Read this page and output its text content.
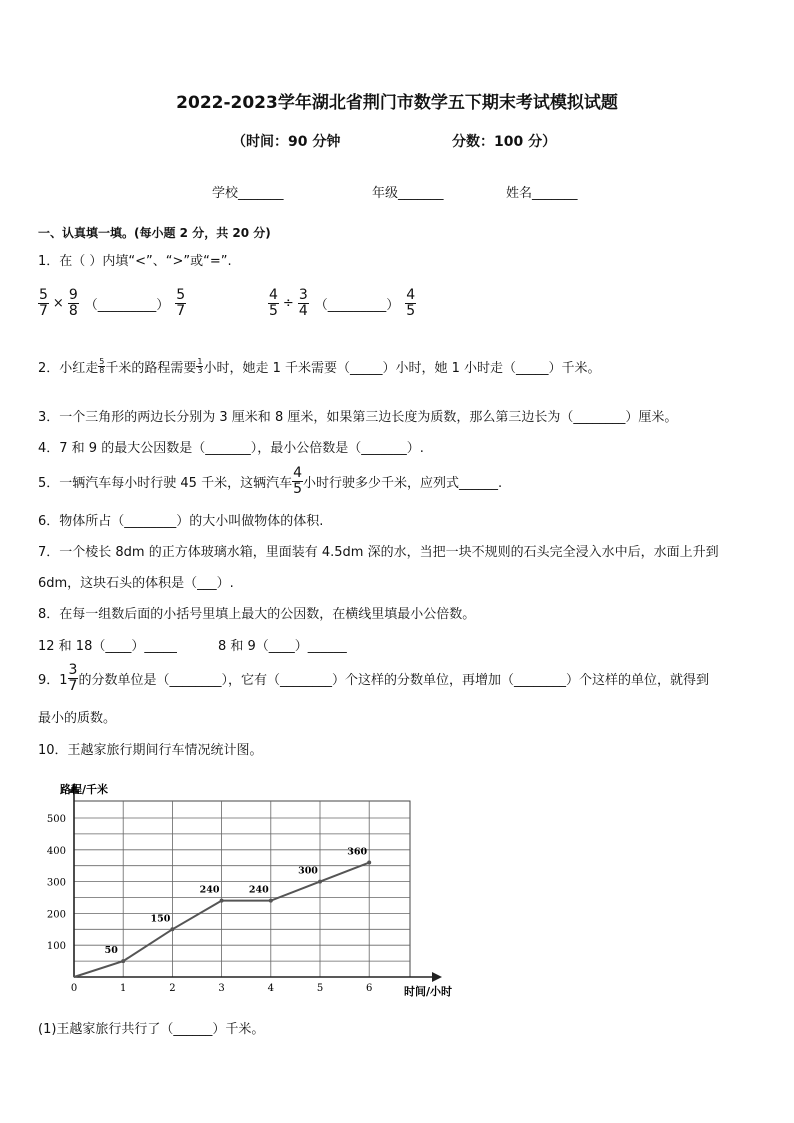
2022-2023学年湖北省荆门市数学五下期末考试模拟试题
（时间：90 分钟	分数：100 分）
学校_______	年级_______	姓名_______
一、认真填一填。(每小题 2 分，共 20 分)
1．在（ ）内填“<”、“>”或“=”.
$\frac{5}{7} \times \frac{9}{8}$ （_________） $\frac{5}{7}$	$\frac{4}{5} \div \frac{3}{4}$ （_________） $\frac{4}{5}$
2．小红走 $\frac{5}{8}$ 千米的路程需要 $\frac{1}{3}$ 小时，她走 1 千米需要（_____）小时，她 1 小时走（_____）千米。
3．一个三角形的两边长分别为 3 厘米和 8 厘米，如果第三边长度为质数，那么第三边长为（________）厘米。
4．7 和 9 的最大公因数是（_______），最小公倍数是（_______）.
5．一辆汽车每小时行驶 45 千米，这辆汽车 $\frac{4}{5}$ 小时行驶多少千米，应列式______.
6．物体所占（________）的大小叫做物体的体积.
7．一个棱长 8dm 的正方体玻璃水箱，里面装有 4.5dm 深的水，当把一块不规则的石头完全浸入水中后，水面上升到
6dm，这块石头的体积是（___）.
8．在每一组数后面的小括号里填上最大的公因数，在横线里填最小公倍数。
12 和 18（____）_____	8 和 9（____）______
9．$1 \frac{3}{7}$ 的分数单位是（________），它有（________）个这样的分数单位，再增加（________）个这样的单位，就得到
最小的质数。
10．王越家旅行期间行车情况统计图。
0	1	2	3	4	5	6
100
200
300
400
500
50
150
240	240
300
360
路程/千米
时间/小时
(1)王越家旅行共行了（______）千米。
